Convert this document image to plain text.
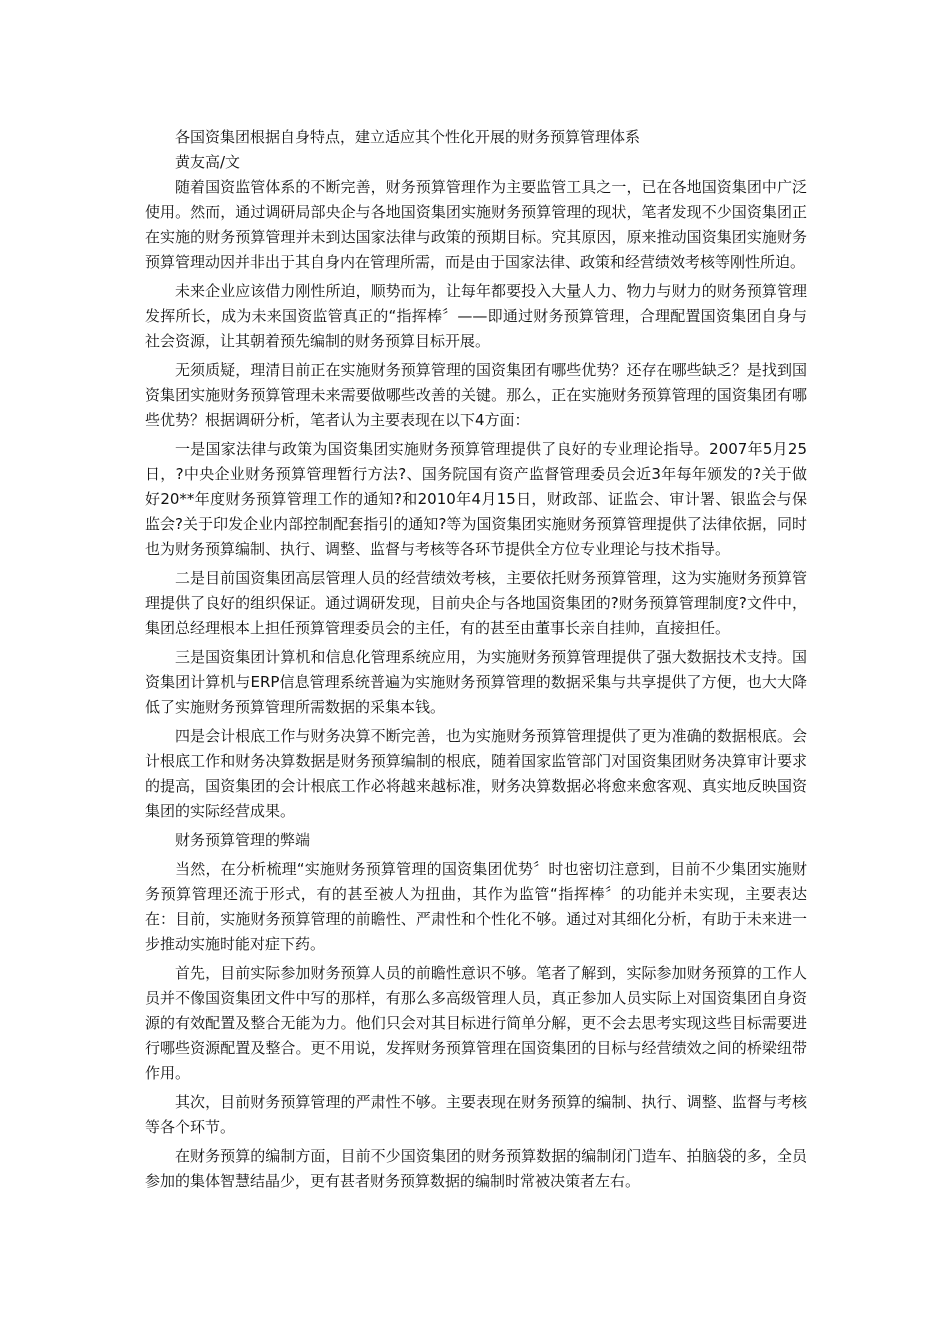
各国资集团根据自身特点，建立适应其个性化开展的财务预算管理体系

黄友高/文

随着国资监管体系的不断完善，财务预算管理作为主要监管工具之一，已在各地国资集团中广泛使用。然而，通过调研局部央企与各地国资集团实施财务预算管理的现状，笔者发现不少国资集团正在实施的财务预算管理并未到达国家法律与政策的预期目标。究其原因，原来推动国资集团实施财务预算管理动因并非出于其自身内在管理所需，而是由于国家法律、政策和经营绩效考核等刚性所迫。

未来企业应该借力刚性所迫，顺势而为，让每年都要投入大量人力、物力与财力的财务预算管理发挥所长，成为未来国资监管真正的“指挥棒〞——即通过财务预算管理，合理配置国资集团自身与社会资源，让其朝着预先编制的财务预算目标开展。

无须质疑，理清目前正在实施财务预算管理的国资集团有哪些优势？还存在哪些缺乏？是找到国资集团实施财务预算管理未来需要做哪些改善的关键。那么，正在实施财务预算管理的国资集团有哪些优势？根据调研分析，笔者认为主要表现在以下4方面：

一是国家法律与政策为国资集团实施财务预算管理提供了良好的专业理论指导。2007年5月25日，?中央企业财务预算管理暂行方法?、国务院国有资产监督管理委员会近3年每年颁发的?关于做好20**年度财务预算管理工作的通知?和2010年4月15日，财政部、证监会、审计署、银监会与保监会?关于印发企业内部控制配套指引的通知?等为国资集团实施财务预算管理提供了法律依据，同时也为财务预算编制、执行、调整、监督与考核等各环节提供全方位专业理论与技术指导。

二是目前国资集团高层管理人员的经营绩效考核，主要依托财务预算管理，这为实施财务预算管理提供了良好的组织保证。通过调研发现，目前央企与各地国资集团的?财务预算管理制度?文件中，集团总经理根本上担任预算管理委员会的主任，有的甚至由董事长亲自挂帅，直接担任。

三是国资集团计算机和信息化管理系统应用，为实施财务预算管理提供了强大数据技术支持。国资集团计算机与ERP信息管理系统普遍为实施财务预算管理的数据采集与共享提供了方便，也大大降低了实施财务预算管理所需数据的采集本钱。

四是会计根底工作与财务决算不断完善，也为实施财务预算管理提供了更为准确的数据根底。会计根底工作和财务决算数据是财务预算编制的根底，随着国家监管部门对国资集团财务决算审计要求的提高，国资集团的会计根底工作必将越来越标准，财务决算数据必将愈来愈客观、真实地反映国资集团的实际经营成果。

财务预算管理的弊端

当然，在分析梳理“实施财务预算管理的国资集团优势〞时也密切注意到，目前不少集团实施财务预算管理还流于形式，有的甚至被人为扭曲，其作为监管“指挥棒〞的功能并未实现，主要表达在：目前，实施财务预算管理的前瞻性、严肃性和个性化不够。通过对其细化分析，有助于未来进一步推动实施时能对症下药。

首先，目前实际参加财务预算人员的前瞻性意识不够。笔者了解到，实际参加财务预算的工作人员并不像国资集团文件中写的那样，有那么多高级管理人员，真正参加人员实际上对国资集团自身资源的有效配置及整合无能为力。他们只会对其目标进行简单分解，更不会去思考实现这些目标需要进行哪些资源配置及整合。更不用说，发挥财务预算管理在国资集团的目标与经营绩效之间的桥梁纽带作用。

其次，目前财务预算管理的严肃性不够。主要表现在财务预算的编制、执行、调整、监督与考核等各个环节。

在财务预算的编制方面，目前不少国资集团的财务预算数据的编制闭门造车、拍脑袋的多，全员参加的集体智慧结晶少，更有甚者财务预算数据的编制时常被决策者左右。
